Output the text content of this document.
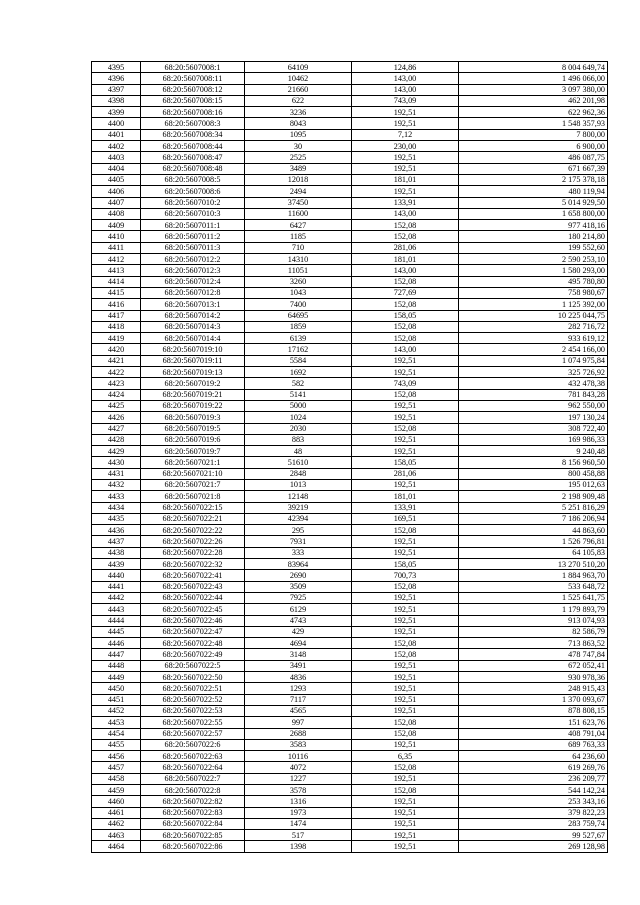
4395	68:20:5607008:1	64109	124,86	8 004 649,74
4396	68:20:5607008:11	10462	143,00	1 496 066,00
4397	68:20:5607008:12	21660	143,00	3 097 380,00
4398	68:20:5607008:15	622	743,09	462 201,98
4399	68:20:5607008:16	3236	192,51	622 962,36
4400	68:20:5607008:3	8043	192,51	1 548 357,93
4401	68:20:5607008:34	1095	7,12	7 800,00
4402	68:20:5607008:44	30	230,00	6 900,00
4403	68:20:5607008:47	2525	192,51	486 087,75
4404	68:20:5607008:48	3489	192,51	671 667,39
4405	68:20:5607008:5	12018	181,01	2 175 378,18
4406	68:20:5607008:6	2494	192,51	480 119,94
4407	68:20:5607010:2	37450	133,91	5 014 929,50
4408	68:20:5607010:3	11600	143,00	1 658 800,00
4409	68:20:5607011:1	6427	152,08	977 418,16
4410	68:20:5607011:2	1185	152,08	180 214,80
4411	68:20:5607011:3	710	281,06	199 552,60
4412	68:20:5607012:2	14310	181,01	2 590 253,10
4413	68:20:5607012:3	11051	143,00	1 580 293,00
4414	68:20:5607012:4	3260	152,08	495 780,80
4415	68:20:5607012:8	1043	727,69	758 980,67
4416	68:20:5607013:1	7400	152,08	1 125 392,00
4417	68:20:5607014:2	64695	158,05	10 225 044,75
4418	68:20:5607014:3	1859	152,08	282 716,72
4419	68:20:5607014:4	6139	152,08	933 619,12
4420	68:20:5607019:10	17162	143,00	2 454 166,00
4421	68:20:5607019:11	5584	192,51	1 074 975,84
4422	68:20:5607019:13	1692	192,51	325 726,92
4423	68:20:5607019:2	582	743,09	432 478,38
4424	68:20:5607019:21	5141	152,08	781 843,28
4425	68:20:5607019:22	5000	192,51	962 550,00
4426	68:20:5607019:3	1024	192,51	197 130,24
4427	68:20:5607019:5	2030	152,08	308 722,40
4428	68:20:5607019:6	883	192,51	169 986,33
4429	68:20:5607019:7	48	192,51	9 240,48
4430	68:20:5607021:1	51610	158,05	8 156 960,50
4431	68:20:5607021:10	2848	281,06	800 458,88
4432	68:20:5607021:7	1013	192,51	195 012,63
4433	68:20:5607021:8	12148	181,01	2 198 909,48
4434	68:20:5607022:15	39219	133,91	5 251 816,29
4435	68:20:5607022:21	42394	169,51	7 186 206,94
4436	68:20:5607022:22	295	152,08	44 863,60
4437	68:20:5607022:26	7931	192,51	1 526 796,81
4438	68:20:5607022:28	333	192,51	64 105,83
4439	68:20:5607022:32	83964	158,05	13 270 510,20
4440	68:20:5607022:41	2690	700,73	1 884 963,70
4441	68:20:5607022:43	3509	152,08	533 648,72
4442	68:20:5607022:44	7925	192,51	1 525 641,75
4443	68:20:5607022:45	6129	192,51	1 179 893,79
4444	68:20:5607022:46	4743	192,51	913 074,93
4445	68:20:5607022:47	429	192,51	82 586,79
4446	68:20:5607022:48	4694	152,08	713 863,52
4447	68:20:5607022:49	3148	152,08	478 747,84
4448	68:20:5607022:5	3491	192,51	672 052,41
4449	68:20:5607022:50	4836	192,51	930 978,36
4450	68:20:5607022:51	1293	192,51	248 915,43
4451	68:20:5607022:52	7117	192,51	1 370 093,67
4452	68:20:5607022:53	4565	192,51	878 808,15
4453	68:20:5607022:55	997	152,08	151 623,76
4454	68:20:5607022:57	2688	152,08	408 791,04
4455	68:20:5607022:6	3583	192,51	689 763,33
4456	68:20:5607022:63	10116	6,35	64 236,60
4457	68:20:5607022:64	4072	152,08	619 269,76
4458	68:20:5607022:7	1227	192,51	236 209,77
4459	68:20:5607022:8	3578	152,08	544 142,24
4460	68:20:5607022:82	1316	192,51	253 343,16
4461	68:20:5607022:83	1973	192,51	379 822,23
4462	68:20:5607022:84	1474	192,51	283 759,74
4463	68:20:5607022:85	517	192,51	99 527,67
4464	68:20:5607022:86	1398	192,51	269 128,98
